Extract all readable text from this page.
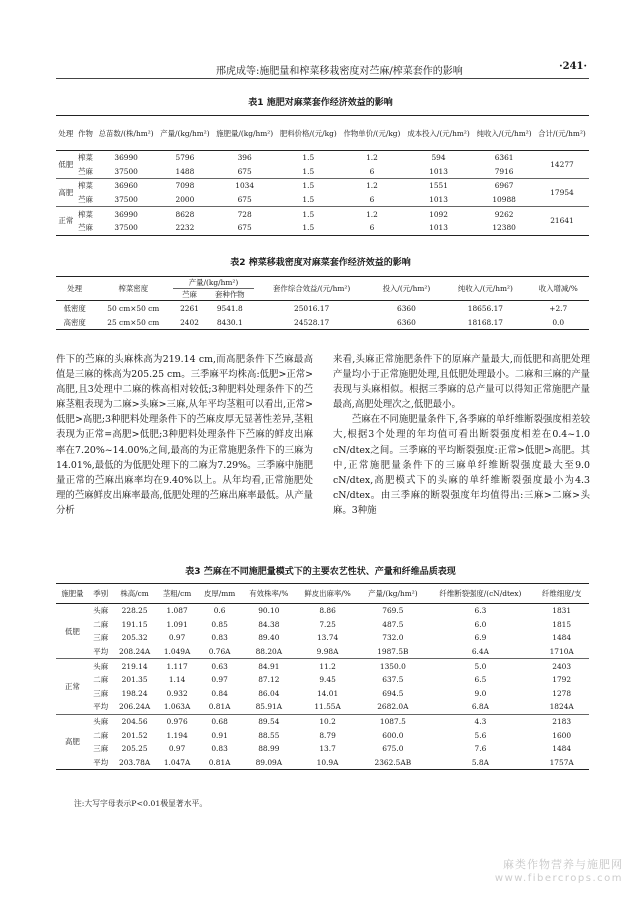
邢虎成等:施肥量和榨菜移栽密度对苎麻/榨菜套作的影响	·241·
表1 施肥对麻菜套作经济效益的影响
处理	作物	总苗数/(株/hm²)	产量/(kg/hm²)	施肥量/(kg/hm²)	肥料价格/(元/kg)	作物单价/(元/kg)	成本投入/(元/hm²)	纯收入/(元/hm²)	合计/(元/hm²)
低肥	榨菜	36990	5796	396	1.5	1.2	594	6361	14277
	苎麻	37500	1488	675	1.5	6	1013	7916	
高肥	榨菜	36960	7098	1034	1.5	1.2	1551	6967	17954
	苎麻	37500	2000	675	1.5	6	1013	10988	
正常	榨菜	36990	8628	728	1.5	1.2	1092	9262	21641
	苎麻	37500	2232	675	1.5	6	1013	12380	
表2 榨菜移栽密度对麻菜套作经济效益的影响
处理	榨菜密度	产量/(kg/hm²)		套作综合效益/(元/hm²)	投入/(元/hm²)	纯收入/(元/hm²)	收入增减/%
		苎麻	套种作物				
低密度	50 cm×50 cm	2261	9541.8	25016.17	6360	18656.17	+2.7
高密度	25 cm×50 cm	2402	8430.1	24528.17	6360	18168.17	0.0

件下的苎麻的头麻株高为219.14 cm,而高肥条件下苎麻最高值是三麻的株高为205.25 cm。三季麻平均株高:低肥>正常>高肥,且3处理中二麻的株高相对较低;3种肥料处理条件下的苎麻茎粗表现为二麻>头麻>三麻,从年平均茎粗可以看出,正常>低肥>高肥;3种肥料处理条件下的苎麻皮厚无显著性差异,茎粗表现为正常=高肥>低肥;3种肥料处理条件下苎麻的鲜皮出麻率在7.20%~14.00%之间,最高的为正常施肥条件下的三麻为14.01%,最低的为低肥处理下的二麻为7.29%。三季麻中施肥量正常的苎麻出麻率均在9.40%以上。从年均看,正常施肥处理的苎麻鲜皮出麻率最高,低肥处理的苎麻出麻率最低。从产量分析

来看,头麻正常施肥条件下的原麻产量最大,而低肥和高肥处理产量均小于正常施肥处理,且低肥处理最小。二麻和三麻的产量表现与头麻相似。根据三季麻的总产量可以得知正常施肥产量最高,高肥处理次之,低肥最小。
　　苎麻在不同施肥量条件下,各季麻的单纤维断裂强度相差较大,根据3个处理的年均值可看出断裂强度相差在0.4~1.0 cN/dtex之间。三季麻的平均断裂强度:正常>低肥>高肥。其中,正常施肥量条件下的三麻单纤维断裂强度最大至9.0 cN/dtex,高肥模式下的头麻的单纤维断裂强度最小为4.3 cN/dtex。由三季麻的断裂强度年均值得出:三麻>二麻>头麻。3种施

表3 苎麻在不同施肥量模式下的主要农艺性状、产量和纤维品质表现
施肥量	季别	株高/cm	茎粗/cm	皮厚/mm	有效株率/%	鲜皮出麻率/%	产量/(kg/hm²)	纤维断裂强度/(cN/dtex)	纤维细度/支
低肥	头麻	228.25	1.087	0.6	90.10	8.86	769.5	6.3	1831
	二麻	191.15	1.091	0.85	84.38	7.25	487.5	6.0	1815
	三麻	205.32	0.97	0.83	89.40	13.74	732.0	6.9	1484
	平均	208.24A	1.049A	0.76A	88.20A	9.98A	1987.5B	6.4A	1710A
正常	头麻	219.14	1.117	0.63	84.91	11.2	1350.0	5.0	2403
	二麻	201.35	1.14	0.97	87.12	9.45	637.5	6.5	1792
	三麻	198.24	0.932	0.84	86.04	14.01	694.5	9.0	1278
	平均	206.24A	1.063A	0.81A	85.91A	11.55A	2682.0A	6.8A	1824A
高肥	头麻	204.56	0.976	0.68	89.54	10.2	1087.5	4.3	2183
	二麻	201.52	1.194	0.91	88.55	8.79	600.0	5.6	1600
	三麻	205.25	0.97	0.83	88.99	13.7	675.0	7.6	1484
	平均	203.78A	1.047A	0.81A	89.09A	10.9A	2362.5AB	5.8A	1757A
注:大写字母表示P<0.01极显著水平。
麻类作物营养与施肥网
www.fibercrops.com
